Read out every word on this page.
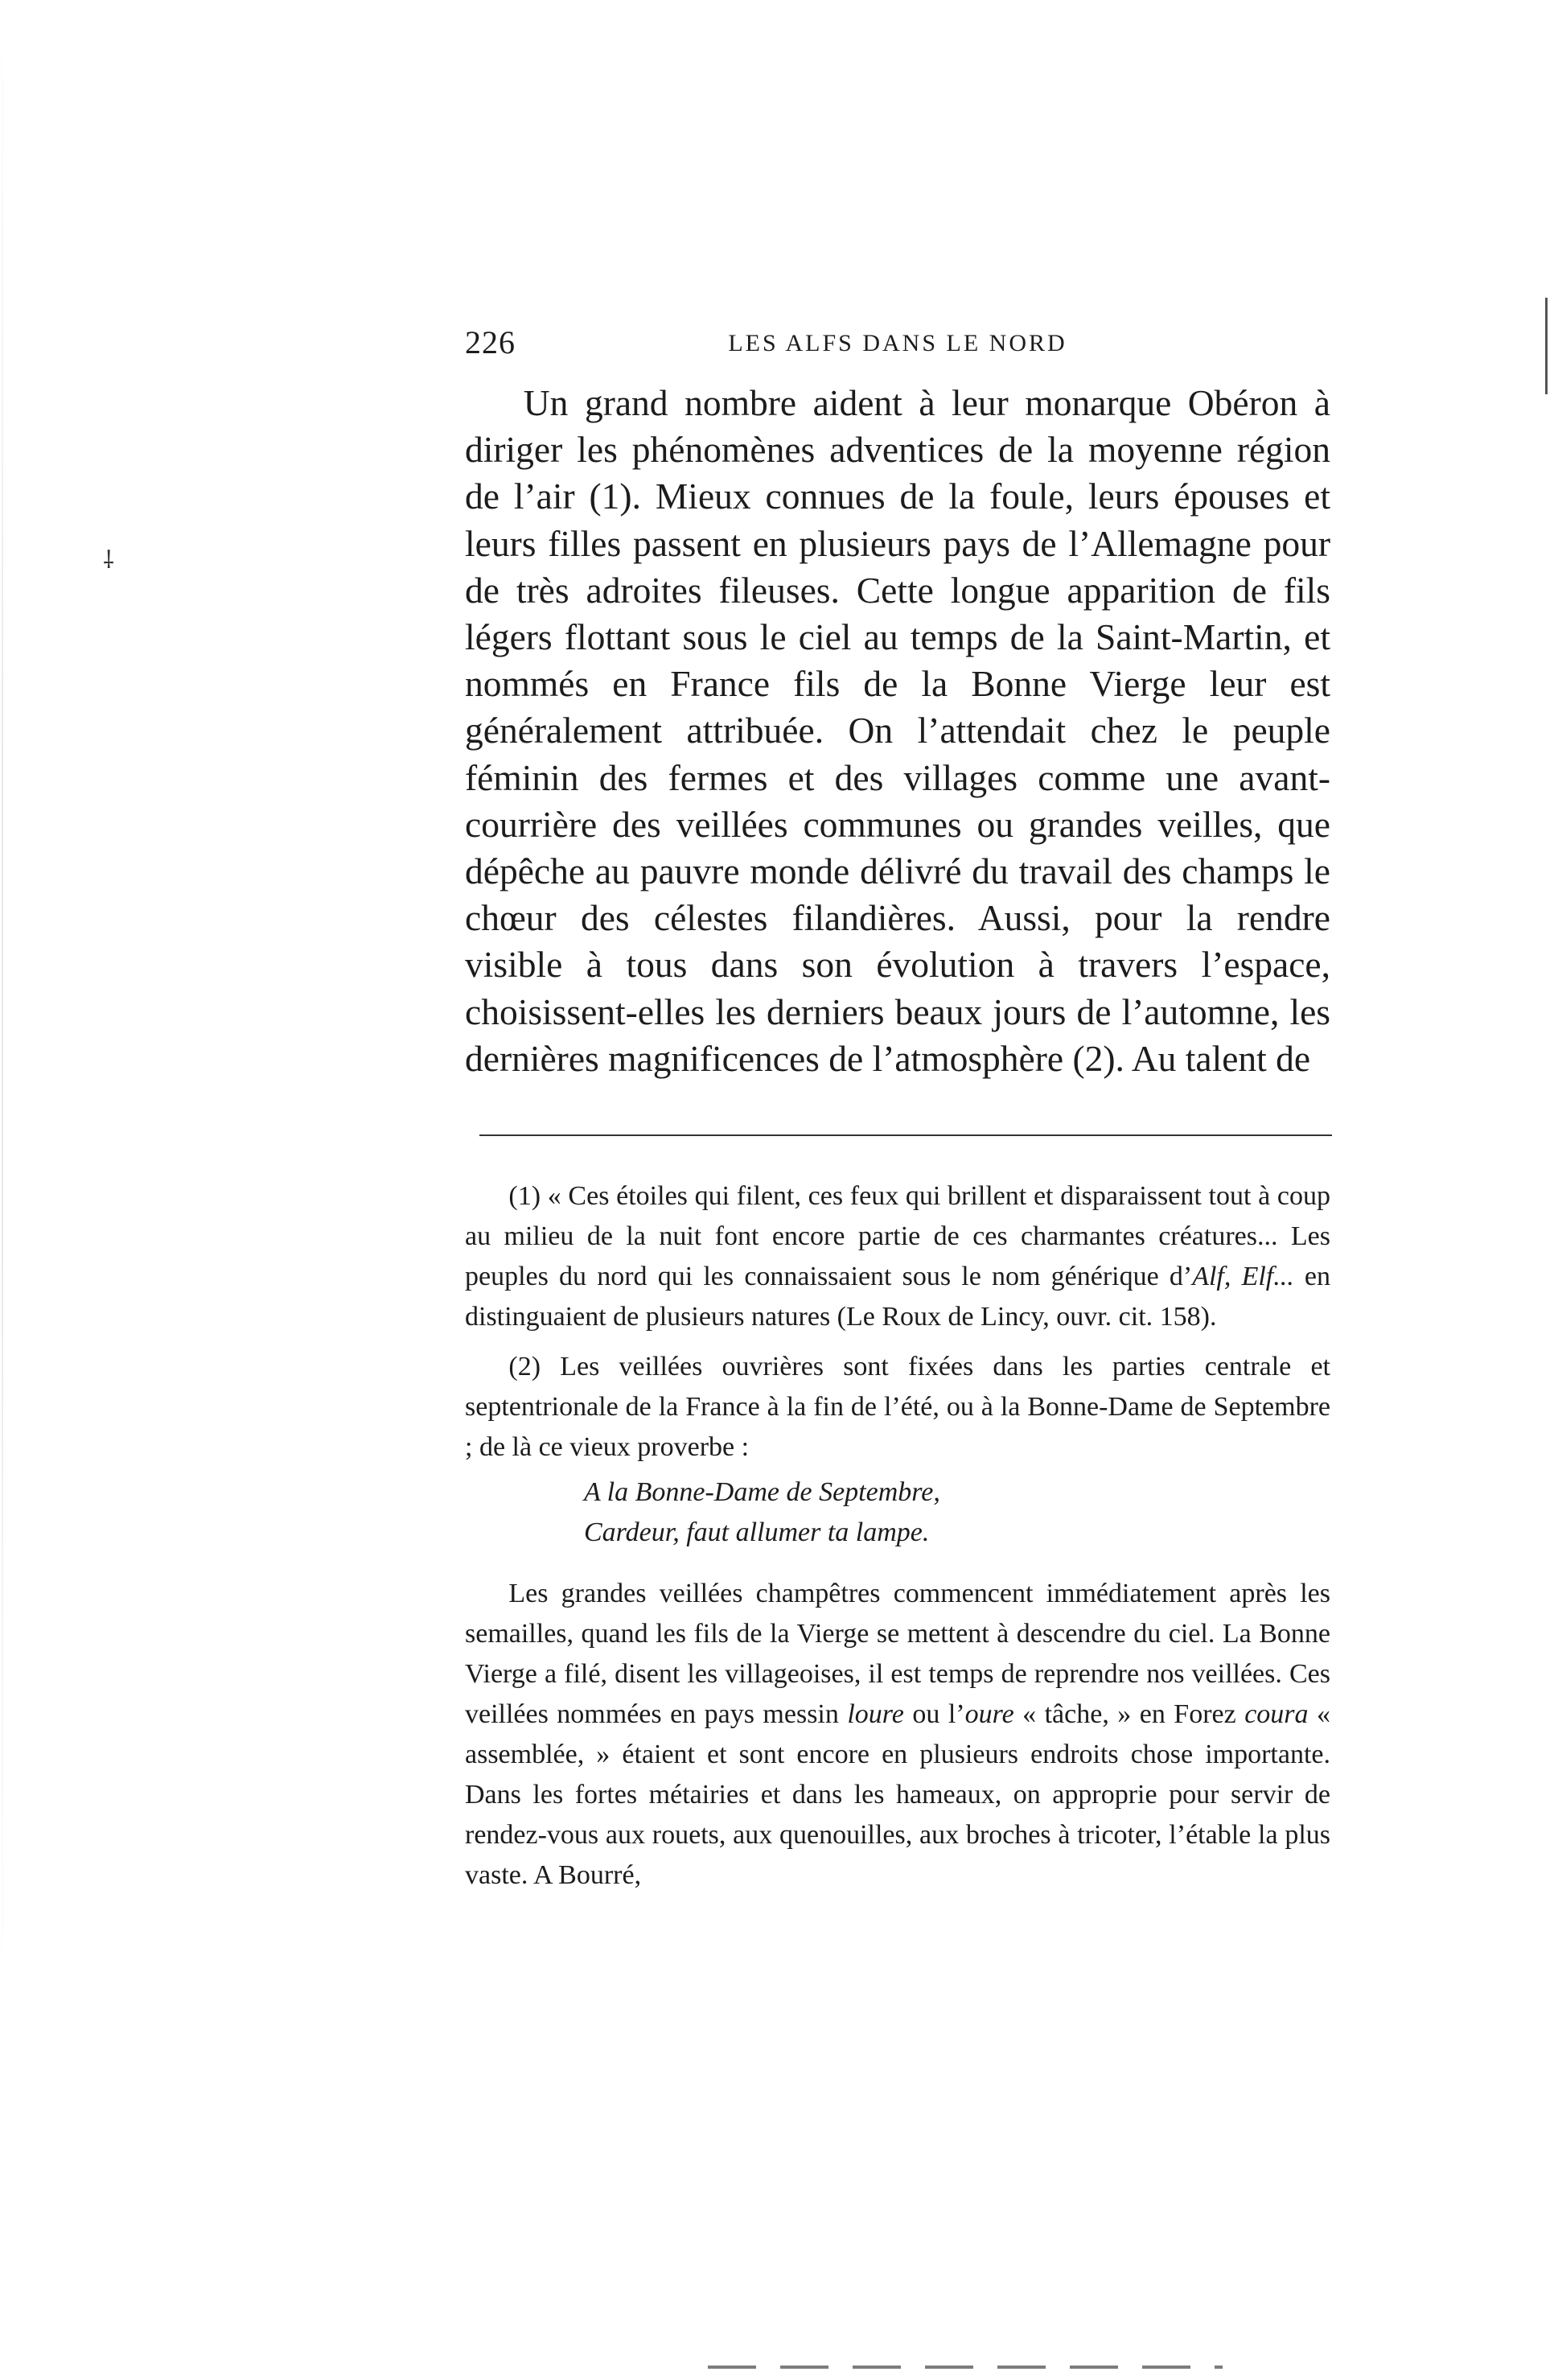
⸸
226	LES ALFS DANS LE NORD

Un grand nombre aident à leur monarque Obéron à diriger les phénomènes adventices de la moyenne région de l’air (1). Mieux connues de la foule, leurs épouses et leurs filles passent en plusieurs pays de l’Allemagne pour de très adroites fileuses. Cette longue apparition de fils légers flottant sous le ciel au temps de la Saint-Martin, et nommés en France fils de la Bonne Vierge leur est généralement attribuée. On l’attendait chez le peuple féminin des fermes et des villages comme une avant-courrière des veillées communes ou grandes veilles, que dépêche au pauvre monde délivré du travail des champs le chœur des célestes filandières. Aussi, pour la rendre visible à tous dans son évolution à travers l’espace, choisissent-elles les derniers beaux jours de l’automne, les dernières magnificences de l’atmosphère (2). Au talent de

(1) « Ces étoiles qui filent, ces feux qui brillent et disparaissent tout à coup au milieu de la nuit font encore partie de ces charmantes créatures... Les peuples du nord qui les connaissaient sous le nom générique d’Alf, Elf... en distinguaient de plusieurs natures (Le Roux de Lincy, ouvr. cit. 158).

(2) Les veillées ouvrières sont fixées dans les parties centrale et septentrionale de la France à la fin de l’été, ou à la Bonne-Dame de Septembre ; de là ce vieux proverbe :

A la Bonne-Dame de Septembre,
Cardeur, faut allumer ta lampe.

Les grandes veillées champêtres commencent immédiatement après les semailles, quand les fils de la Vierge se mettent à descendre du ciel. La Bonne Vierge a filé, disent les villageoises, il est temps de reprendre nos veillées. Ces veillées nommées en pays messin loure ou l’oure « tâche, » en Forez coura « assemblée, » étaient et sont encore en plusieurs endroits chose importante. Dans les fortes métairies et dans les hameaux, on approprie pour servir de rendez-vous aux rouets, aux quenouilles, aux broches à tricoter, l’étable la plus vaste. A Bourré,
